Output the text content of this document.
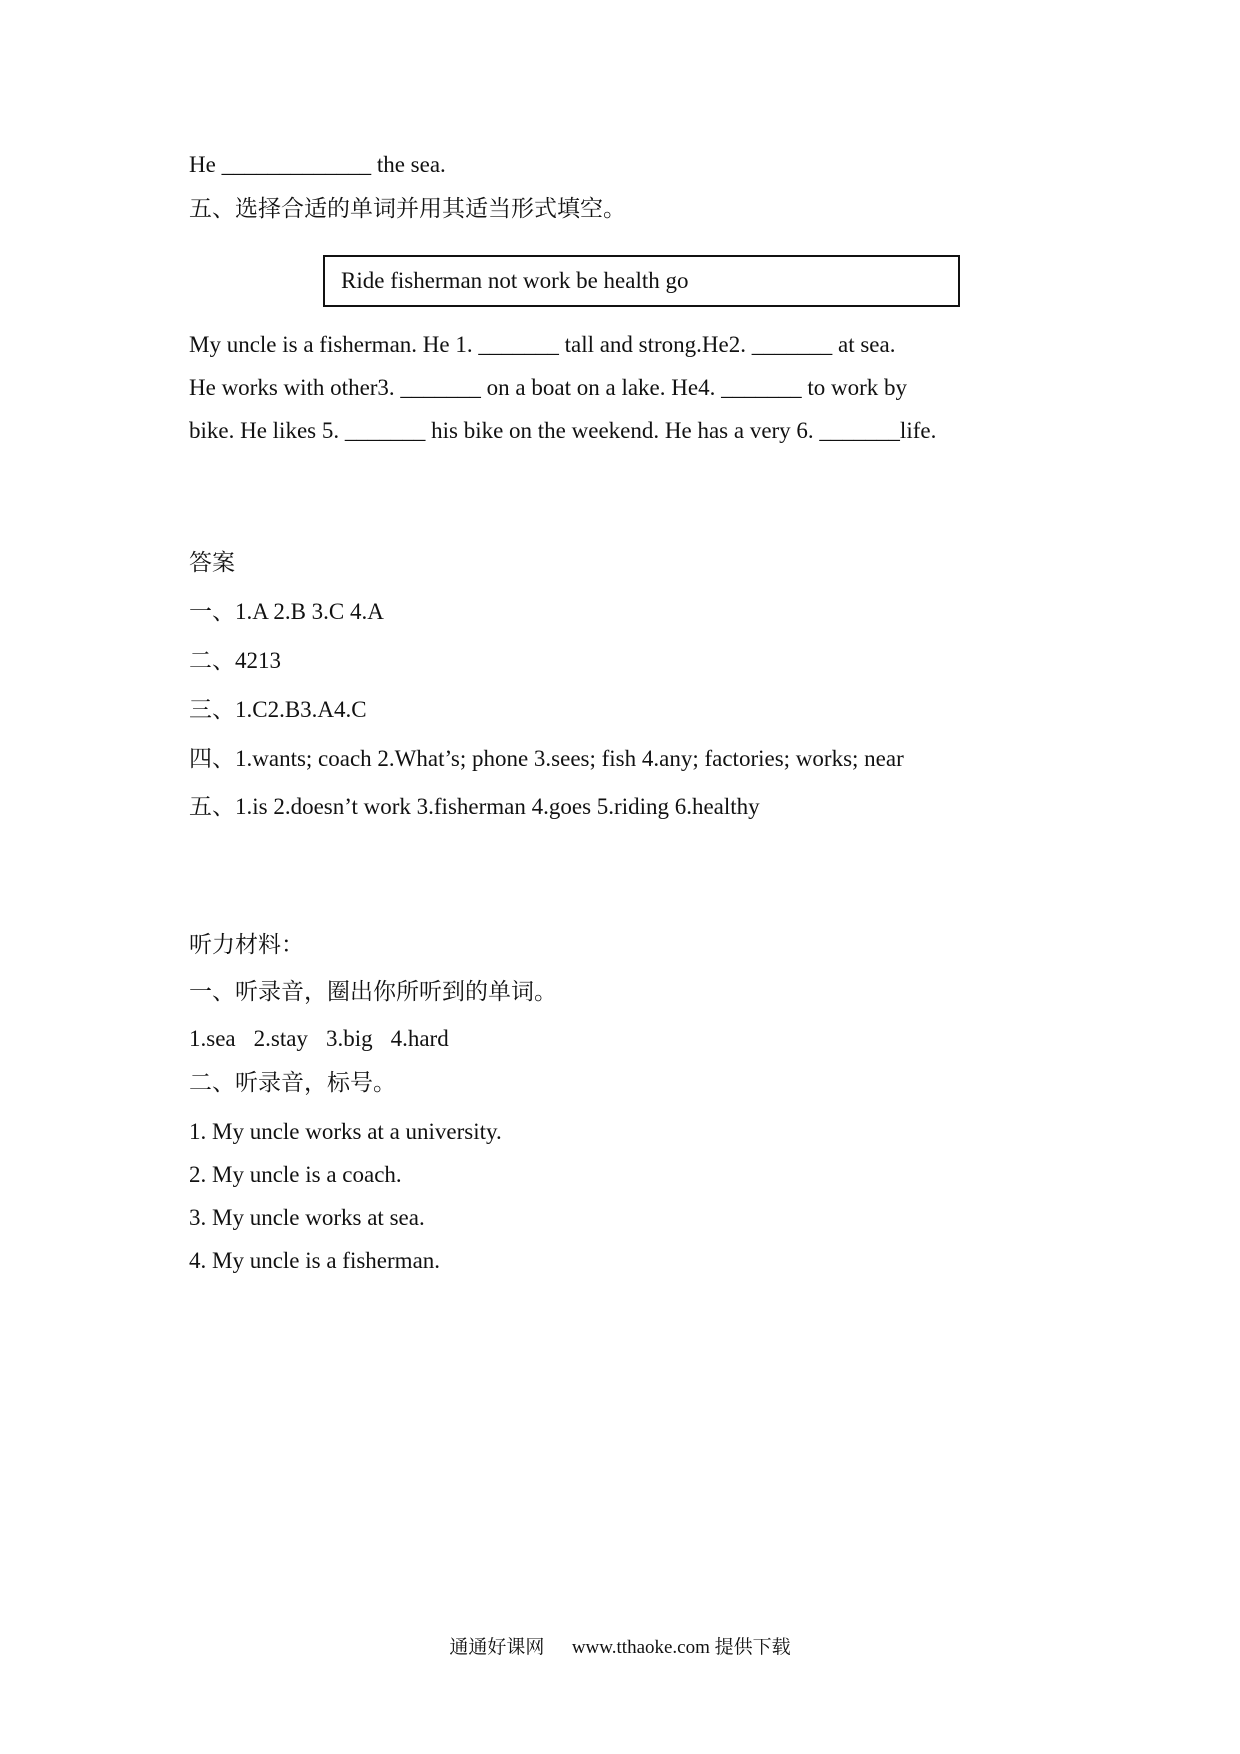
He _____________ the sea.
五、选择合适的单词并用其适当形式填空。
Ride fisherman not work be health go
My uncle is a fisherman. He 1. _______ tall and strong.He2. _______ at sea.
He works with other3. _______ on a boat on a lake. He4. _______ to work by
bike. He likes 5. _______ his bike on the weekend. He has a very 6. _______life.
答案
一、1.A 2.B 3.C 4.A
二、4213
三、1.C2.B3.A4.C
四、1.wants; coach 2.What’s; phone 3.sees; fish 4.any; factories; works; near
五、1.is 2.doesn’t work 3.fisherman 4.goes 5.riding 6.healthy
听力材料：
一、听录音，圈出你所听到的单词。
1.sea 2.stay 3.big 4.hard
二、听录音，标号。
1. My uncle works at a university.
2. My uncle is a coach.
3. My uncle works at sea.
4. My uncle is a fisherman.
通通好课网 www.tthaoke.com 提供下载
